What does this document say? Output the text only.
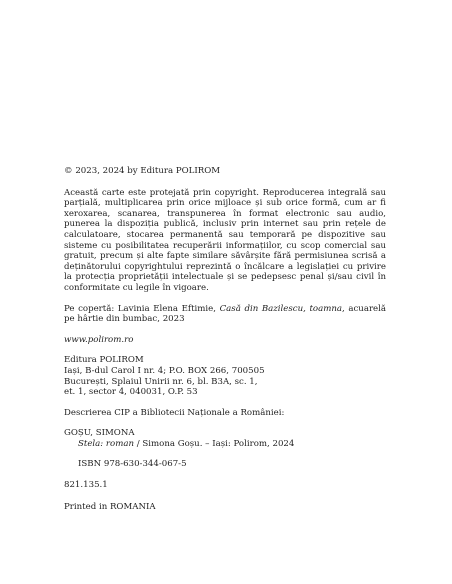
© 2023, 2024 by Editura POLIROM

Această carte este protejată prin copyright. Reproducerea integrală sau parțială, multiplicarea prin orice mijloace și sub orice formă, cum ar fi xeroxarea, scanarea, transpunerea în format electronic sau audio, punerea la dispoziția publică, inclusiv prin internet sau prin rețele de calculatoare, stocarea permanentă sau temporară pe dispozitive sau sisteme cu posibilitatea recuperării informațiilor, cu scop comercial sau gratuit, precum și alte fapte similare săvârșite fără permisiunea scrisă a deținătorului copyrightului reprezintă o încălcare a legislației cu privire la protecția proprietății intelectuale și se pedepsesc penal și/sau civil în conformitate cu legile în vigoare.

Pe copertă: Lavinia Elena Eftimie, Casă din Bazilescu, toamna, acuarelă pe hârtie din bumbac, 2023

www.polirom.ro

Editura POLIROM
Iași, B-dul Carol I nr. 4; P.O. BOX 266, 700505
București, Splaiul Unirii nr. 6, bl. B3A, sc. 1,
et. 1, sector 4, 040031, O.P. 53

Descrierea CIP a Bibliotecii Naționale a României:

GOȘU, SIMONA

Stela: roman / Simona Goșu. – Iași: Polirom, 2024

ISBN 978-630-344-067-5

821.135.1

Printed in ROMANIA
